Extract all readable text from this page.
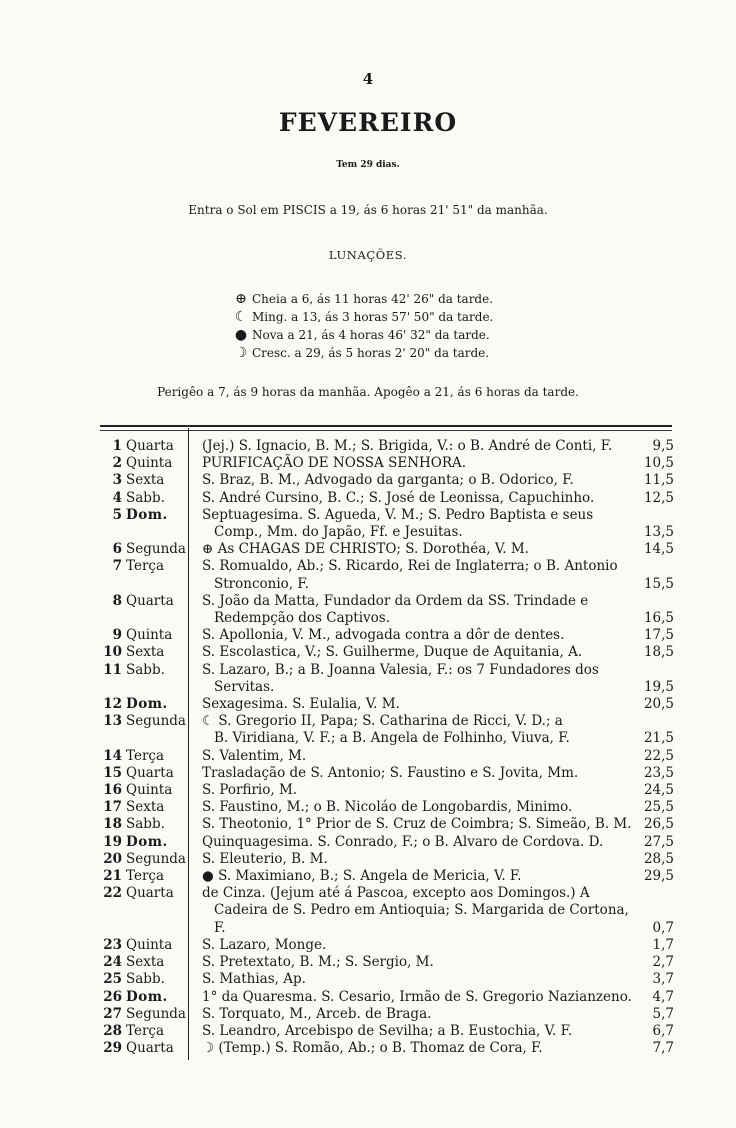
4
FEVEREIRO
Tem 29 dias.
Entra o Sol em PISCIS a 19, ás 6 horas 21' 51" da manhãa.
LUNAÇÕES.
⊕ Cheia a 6, ás 11 horas 42' 26" da tarde.
☾ Ming. a 13, ás 3 horas 57' 50" da tarde.
● Nova a 21, ás 4 horas 46' 32" da tarde.
☽ Cresc. a 29, ás 5 horas 2' 20" da tarde.
Perigêo a 7, ás 9 horas da manhãa. Apogêo a 21, ás 6 horas da tarde.
1 Quarta	(Jej.) S. Ignacio, B. M.; S. Brigida, V.: o B. André de Conti, F.	9,5
2 Quinta	PURIFICAÇÃO DE NOSSA SENHORA.	10,5
3 Sexta	S. Braz, B. M., Advogado da garganta; o B. Odorico, F.	11,5
4 Sabb.	S. André Cursino, B. C.; S. José de Leonissa, Capuchinho.	12,5
5 Dom.	Septuagesima. S. Agueda, V. M.; S. Pedro Baptista e seus
Comp., Mm. do Japão, Ff. e Jesuitas.	13,5
6 Segunda	⊕ As CHAGAS DE CHRISTO; S. Dorothéa, V. M.	14,5
7 Terça	S. Romualdo, Ab.; S. Ricardo, Rei de Inglaterra; o B. Antonio
Stronconio, F.	15,5
8 Quarta	S. João da Matta, Fundador da Ordem da SS. Trindade e
Redempção dos Captivos.	16,5
9 Quinta	S. Apollonia, V. M., advogada contra a dôr de dentes.	17,5
10 Sexta	S. Escolastica, V.; S. Guilherme, Duque de Aquitania, A.	18,5
11 Sabb.	S. Lazaro, B.; a B. Joanna Valesia, F.: os 7 Fundadores dos
Servitas.	19,5
12 Dom.	Sexagesima. S. Eulalia, V. M.	20,5
13 Segunda	☾ S. Gregorio II, Papa; S. Catharina de Ricci, V. D.; a
B. Viridiana, V. F.; a B. Angela de Folhinho, Viuva, F.	21,5
14 Terça	S. Valentim, M.	22,5
15 Quarta	Trasladação de S. Antonio; S. Faustino e S. Jovita, Mm.	23,5
16 Quinta	S. Porfirio, M.	24,5
17 Sexta	S. Faustino, M.; o B. Nicoláo de Longobardis, Minimo.	25,5
18 Sabb.	S. Theotonio, 1° Prior de S. Cruz de Coimbra; S. Simeão, B. M. 26,5
19 Dom.	Quinquagesima. S. Conrado, F.; o B. Alvaro de Cordova. D.	27,5
20 Segunda	S. Eleuterio, B. M.	28,5
21 Terça	● S. Maximiano, B.; S. Angela de Mericia, V. F.	29,5
22 Quarta	de Cinza. (Jejum até á Pascoa, excepto aos Domingos.) A
Cadeira de S. Pedro em Antioquia; S. Margarida de Cortona, F.	0,7
23 Quinta	S. Lazaro, Monge.	1,7
24 Sexta	S. Pretextato, B. M.; S. Sergio, M.	2,7
25 Sabb.	S. Mathias, Ap.	3,7
26 Dom.	1° da Quaresma. S. Cesario, Irmão de S. Gregorio Nazianzeno.	4,7
27 Segunda	S. Torquato, M., Arceb. de Braga.	5,7
28 Terça	S. Leandro, Arcebispo de Sevilha; a B. Eustochia, V. F.	6,7
29 Quarta	☽ (Temp.) S. Romão, Ab.; o B. Thomaz de Cora, F.	7,7
